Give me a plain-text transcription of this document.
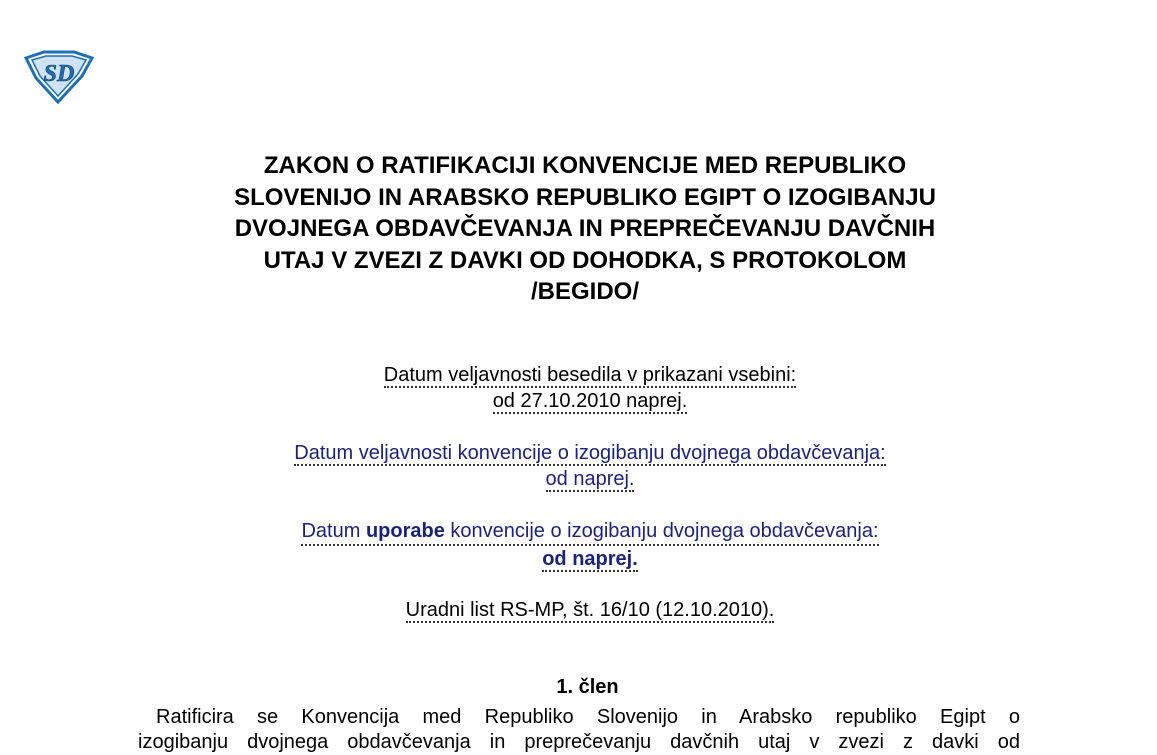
SD
ZAKON O RATIFIKACIJI KONVENCIJE MED REPUBLIKO
SLOVENIJO IN ARABSKO REPUBLIKO EGIPT O IZOGIBANJU
DVOJNEGA OBDAVČEVANJA IN PREPREČEVANJU DAVČNIH
UTAJ V ZVEZI Z DAVKI OD DOHODKA, S PROTOKOLOM
/BEGIDO/
Datum veljavnosti besedila v prikazani vsebini:
od 27.10.2010 naprej.
Datum veljavnosti konvencije o izogibanju dvojnega obdavčevanja:
od naprej.
Datum uporabe konvencije o izogibanju dvojnega obdavčevanja:
od naprej.
Uradni list RS-MP, št. 16/10 (12.10.2010).
1. člen
Ratificira se Konvencija med Republiko Slovenijo in Arabsko republiko Egipt o
izogibanju dvojnega obdavčevanja in preprečevanju davčnih utaj v zvezi z davki od
